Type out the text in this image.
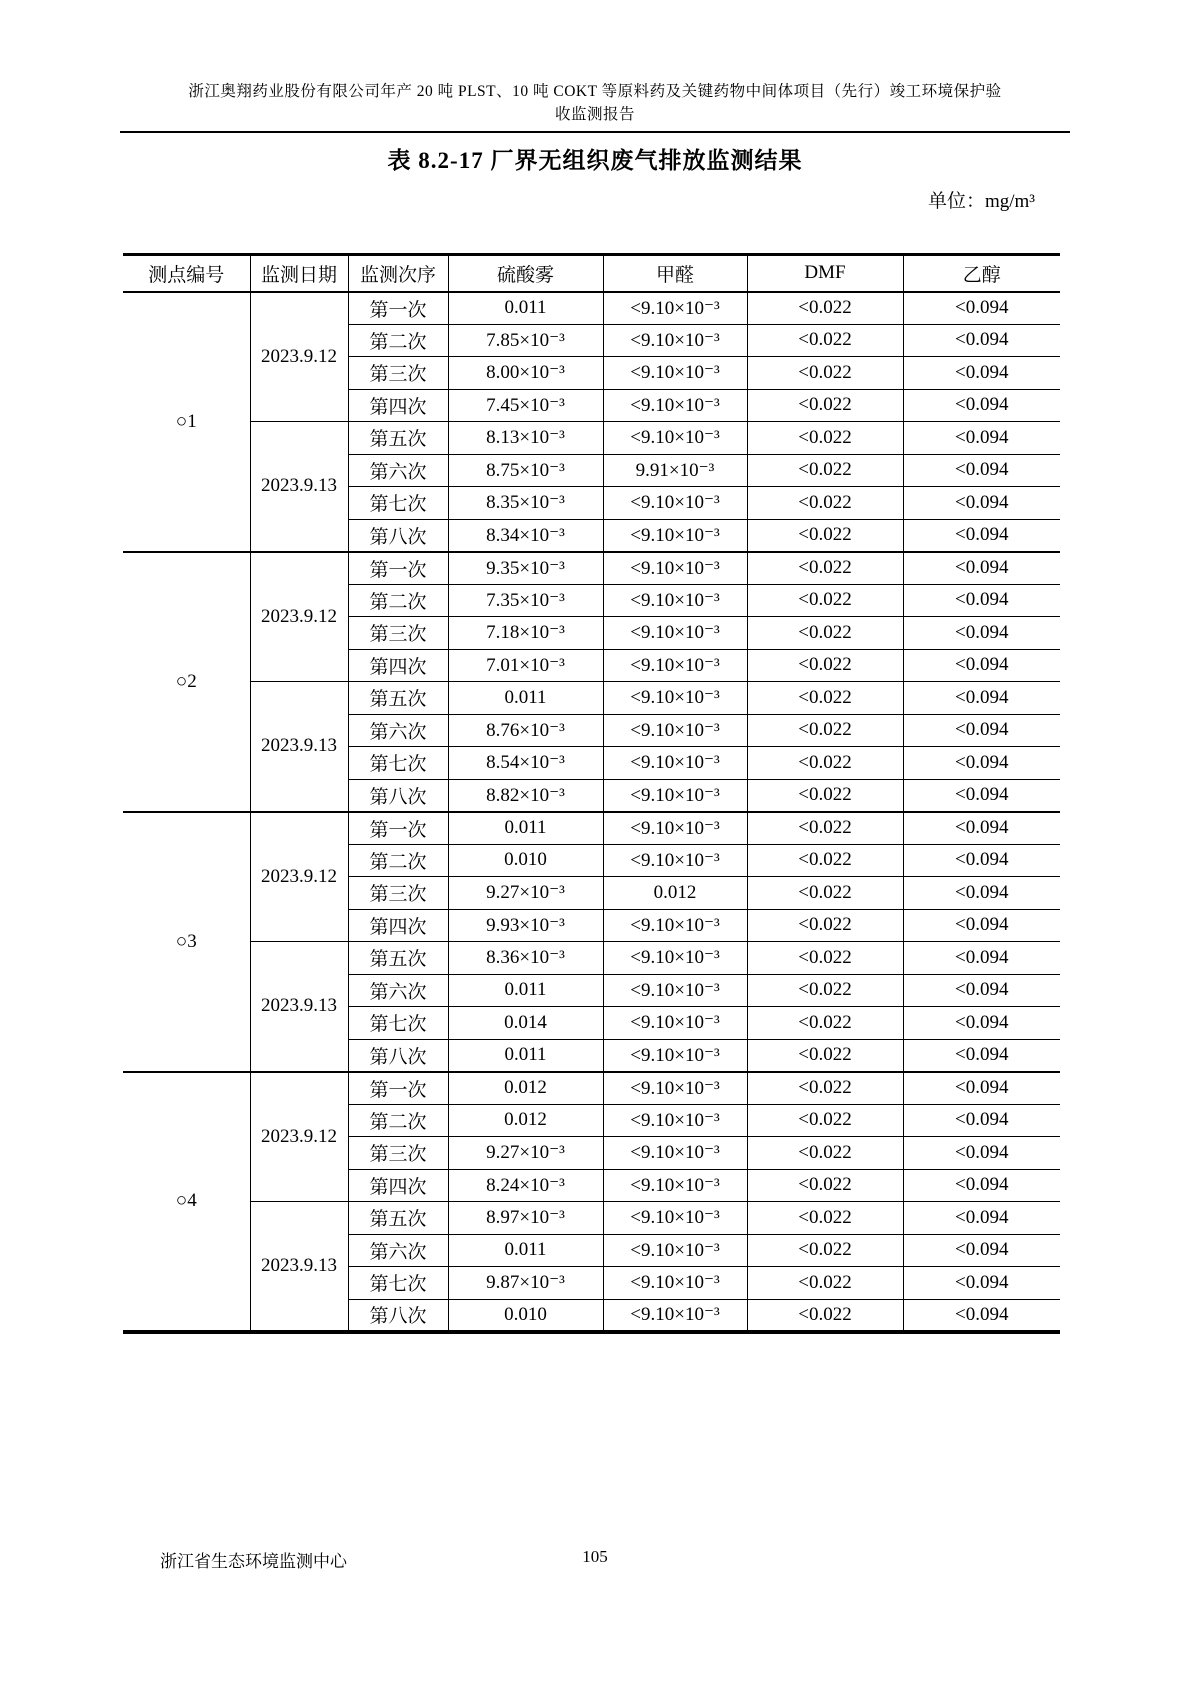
浙江奥翔药业股份有限公司年产 20 吨 PLST、10 吨 COKT 等原料药及关键药物中间体项目（先行）竣工环境保护验
收监测报告
表 8.2-17 厂界无组织废气排放监测结果
单位：mg/m³
测点编号	监测日期	监测次序	硫酸雾	甲醛	DMF	乙醇
○1	2023.9.12	第一次	0.011	<9.10×10⁻³	<0.022	<0.094
		第二次	7.85×10⁻³	<9.10×10⁻³	<0.022	<0.094
		第三次	8.00×10⁻³	<9.10×10⁻³	<0.022	<0.094
		第四次	7.45×10⁻³	<9.10×10⁻³	<0.022	<0.094
	2023.9.13	第五次	8.13×10⁻³	<9.10×10⁻³	<0.022	<0.094
		第六次	8.75×10⁻³	9.91×10⁻³	<0.022	<0.094
		第七次	8.35×10⁻³	<9.10×10⁻³	<0.022	<0.094
		第八次	8.34×10⁻³	<9.10×10⁻³	<0.022	<0.094
○2	2023.9.12	第一次	9.35×10⁻³	<9.10×10⁻³	<0.022	<0.094
		第二次	7.35×10⁻³	<9.10×10⁻³	<0.022	<0.094
		第三次	7.18×10⁻³	<9.10×10⁻³	<0.022	<0.094
		第四次	7.01×10⁻³	<9.10×10⁻³	<0.022	<0.094
	2023.9.13	第五次	0.011	<9.10×10⁻³	<0.022	<0.094
		第六次	8.76×10⁻³	<9.10×10⁻³	<0.022	<0.094
		第七次	8.54×10⁻³	<9.10×10⁻³	<0.022	<0.094
		第八次	8.82×10⁻³	<9.10×10⁻³	<0.022	<0.094
○3	2023.9.12	第一次	0.011	<9.10×10⁻³	<0.022	<0.094
		第二次	0.010	<9.10×10⁻³	<0.022	<0.094
		第三次	9.27×10⁻³	0.012	<0.022	<0.094
		第四次	9.93×10⁻³	<9.10×10⁻³	<0.022	<0.094
	2023.9.13	第五次	8.36×10⁻³	<9.10×10⁻³	<0.022	<0.094
		第六次	0.011	<9.10×10⁻³	<0.022	<0.094
		第七次	0.014	<9.10×10⁻³	<0.022	<0.094
		第八次	0.011	<9.10×10⁻³	<0.022	<0.094
○4	2023.9.12	第一次	0.012	<9.10×10⁻³	<0.022	<0.094
		第二次	0.012	<9.10×10⁻³	<0.022	<0.094
		第三次	9.27×10⁻³	<9.10×10⁻³	<0.022	<0.094
		第四次	8.24×10⁻³	<9.10×10⁻³	<0.022	<0.094
	2023.9.13	第五次	8.97×10⁻³	<9.10×10⁻³	<0.022	<0.094
		第六次	0.011	<9.10×10⁻³	<0.022	<0.094
		第七次	9.87×10⁻³	<9.10×10⁻³	<0.022	<0.094
		第八次	0.010	<9.10×10⁻³	<0.022	<0.094
浙江省生态环境监测中心	105
